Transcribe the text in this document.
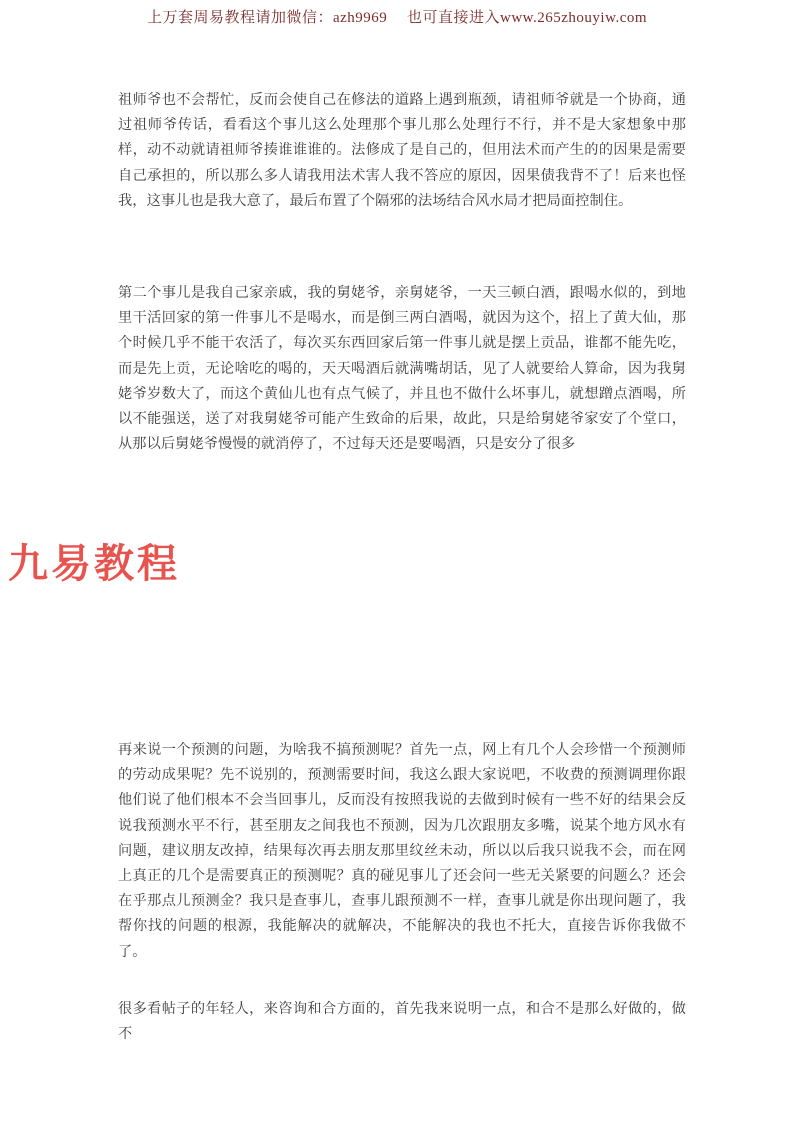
上万套周易教程请加微信：azh9969　 也可直接进入www.265zhouyiw.com
祖师爷也不会帮忙，反而会使自己在修法的道路上遇到瓶颈，请祖师爷就是一个协商，通过祖师爷传话，看看这个事儿这么处理那个事儿那么处理行不行，并不是大家想象中那样，动不动就请祖师爷揍谁谁谁的。法修成了是自己的，但用法术而产生的的因果是需要自己承担的，所以那么多人请我用法术害人我不答应的原因，因果债我背不了！后来也怪我，这事儿也是我大意了，最后布置了个隔邪的法场结合风水局才把局面控制住。
第二个事儿是我自己家亲戚，我的舅姥爷，亲舅姥爷，一天三顿白酒，跟喝水似的，到地里干活回家的第一件事儿不是喝水，而是倒三两白酒喝，就因为这个，招上了黄大仙，那个时候几乎不能干农活了，每次买东西回家后第一件事儿就是摆上贡品，谁都不能先吃，而是先上贡，无论啥吃的喝的，天天喝酒后就满嘴胡话，见了人就要给人算命，因为我舅姥爷岁数大了，而这个黄仙儿也有点气候了，并且也不做什么坏事儿，就想蹭点酒喝，所以不能强送，送了对我舅姥爷可能产生致命的后果，故此，只是给舅姥爷家安了个堂口，从那以后舅姥爷慢慢的就消停了，不过每天还是要喝酒，只是安分了很多
九易教程
再来说一个预测的问题，为啥我不搞预测呢？首先一点，网上有几个人会珍惜一个预测师的劳动成果呢？先不说别的，预测需要时间，我这么跟大家说吧，不收费的预测调理你跟他们说了他们根本不会当回事儿，反而没有按照我说的去做到时候有一些不好的结果会反说我预测水平不行，甚至朋友之间我也不预测，因为几次跟朋友多嘴，说某个地方风水有问题，建议朋友改掉，结果每次再去朋友那里纹丝未动，所以以后我只说我不会，而在网上真正的几个是需要真正的预测呢？真的碰见事儿了还会问一些无关紧要的问题么？还会在乎那点儿预测金？我只是查事儿，查事儿跟预测不一样，查事儿就是你出现问题了，我帮你找的问题的根源，我能解决的就解决，不能解决的我也不托大，直接告诉你我做不了。
很多看帖子的年轻人，来咨询和合方面的，首先我来说明一点，和合不是那么好做的，做不
